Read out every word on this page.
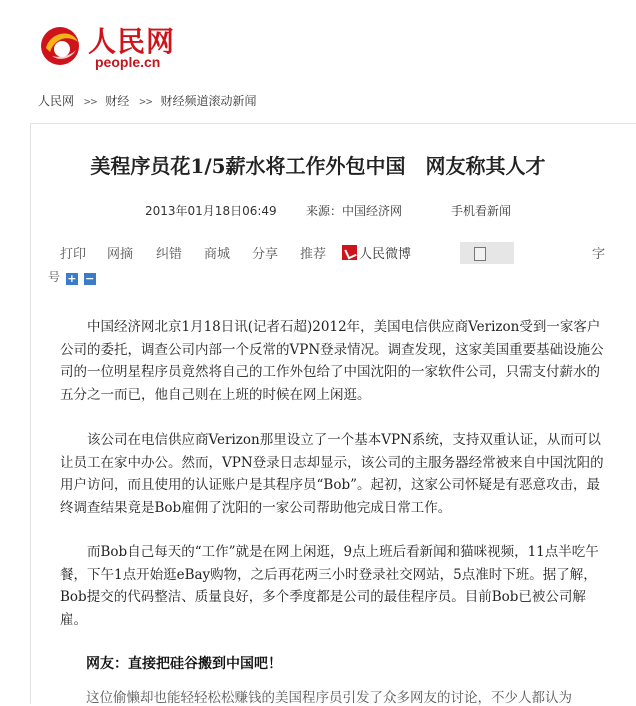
人民网
people.cn
人民网 >> 财经 >> 财经频道滚动新闻
美程序员花1/5薪水将工作外包中国　网友称其人才
2013年01月18日06:49 来源：中国经济网	手机看新闻
打印 网摘 纠错 商城 分享 推荐	人民微博	字
号 + −

中国经济网北京1月18日讯(记者石超)2012年，美国电信供应商Verizon受到一家客户公司的委托，调查公司内部一个反常的VPN登录情况。调查发现，这家美国重要基础设施公司的一位明星程序员竟然将自己的工作外包给了中国沈阳的一家软件公司，只需支付薪水的五分之一而已，他自己则在上班的时候在网上闲逛。

该公司在电信供应商Verizon那里设立了一个基本VPN系统，支持双重认证，从而可以让员工在家中办公。然而，VPN登录日志却显示，该公司的主服务器经常被来自中国沈阳的用户访问，而且使用的认证账户是其程序员“Bob”。起初，这家公司怀疑是有恶意攻击，最终调查结果竟是Bob雇佣了沈阳的一家公司帮助他完成日常工作。

而Bob自己每天的“工作”就是在网上闲逛，9点上班后看新闻和猫咪视频，11点半吃午餐，下午1点开始逛eBay购物，之后再花两三小时登录社交网站，5点准时下班。据了解，Bob提交的代码整洁、质量良好，多个季度都是公司的最佳程序员。目前Bob已被公司解雇。

网友：直接把硅谷搬到中国吧！
这位偷懒却也能轻轻松松赚钱的美国程序员引发了众多网友的讨论，不少人都认为
